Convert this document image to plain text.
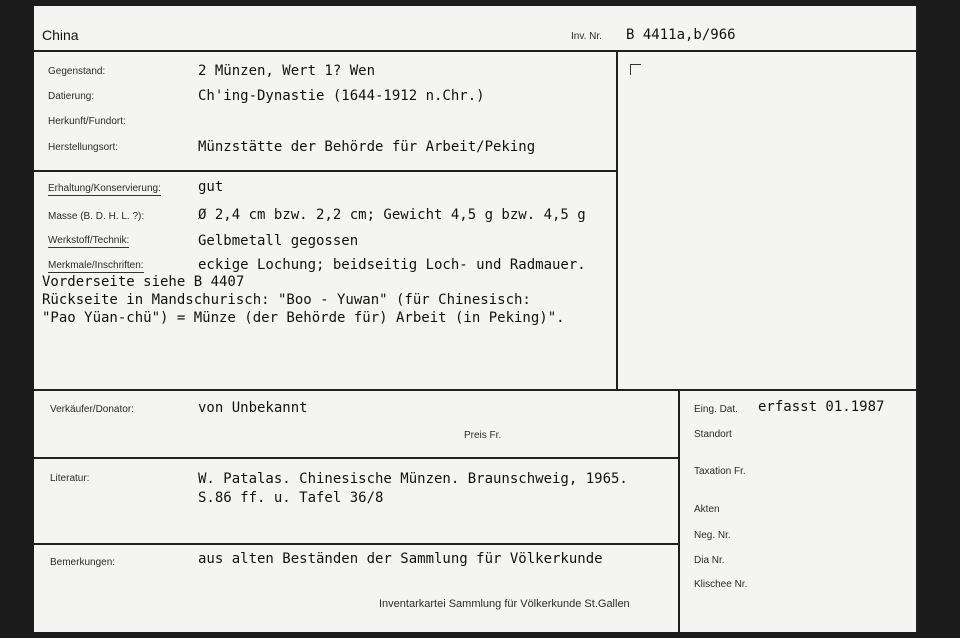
China	Inv. Nr. B 4411a,b/966
Gegenstand:	2 Münzen, Wert 1? Wen
Datierung:	Ch'ing-Dynastie (1644-1912 n.Chr.)
Herkunft/Fundort:
Herstellungsort:	Münzstätte der Behörde für Arbeit/Peking
Erhaltung/Konservierung:	gut
Masse (B. D. H. L. ?):	Ø 2,4 cm bzw. 2,2 cm; Gewicht 4,5 g bzw. 4,5 g
Werkstoff/Technik:	Gelbmetall gegossen
Merkmale/Inschriften:	eckige Lochung; beidseitig Loch- und Radmauer.
Vorderseite siehe B 4407
Rückseite in Mandschurisch: "Boo - Yuwan" (für Chinesisch:
"Pao Yüan-chü") = Münze (der Behörde für) Arbeit (in Peking)".
Verkäufer/Donator:	von Unbekannt
Preis Fr.
Literatur:	W. Patalas. Chinesische Münzen. Braunschweig, 1965.
S.86 ff. u. Tafel 36/8
Bemerkungen:	aus alten Beständen der Sammlung für Völkerkunde
Inventarkartei Sammlung für Völkerkunde St.Gallen
Eing. Dat. erfasst 01.1987
Standort
Taxation Fr.
Akten
Neg. Nr.
Dia Nr.
Klischee Nr.
